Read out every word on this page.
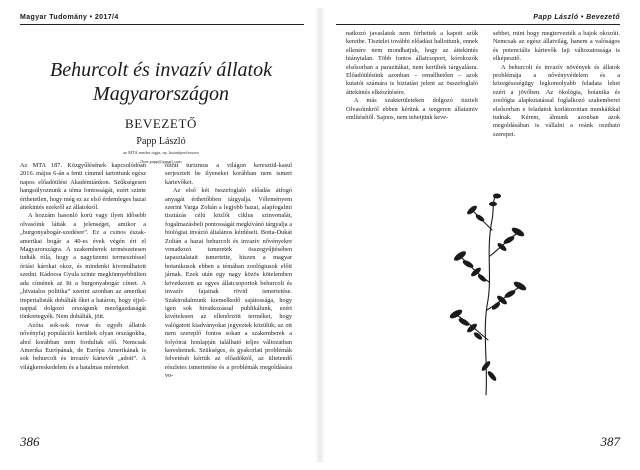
Magyar Tudomány • 2017/4
Behurcolt és invazív állatok
Magyarországon
BEVEZETŐ
Papp László
az MTA rendes tagja, ny. kutatóprofesszor
flyer.papp@gmail.com

Az MTA 187. Közgyűlésének kapcsolódóan 2016. május 6-án a fenti címmel tartottunk egész napos előadóülést Akadémiánkon. Szűkségesen hangsúlyoznunk a téma fontosságát, ezért szinte érthetetlen, hogy még ez az első érdemleges hazai áttekintés ezekről az állatokról.

A hozzám hasonló korú vagy ilyen idősebb olvasóink látták a jelenséget, amikor a „burgonyabogár-szedésre”. Ez a csinos észak-amerikai bogár a 40-es évek végén ért el Magyarországra. A szakemberek természetesen tudták róla, hogy a nagyüzemi termesztéssel óriási károkat okoz, és mindenki kivonulhatott szedni. Kádocsa Gyula szinte megkönnyebbülten ada címének az Itt a burgonyabogár címet. A „hivatalos politika” szerint azonban az amerikai imperialisták dobálták őket a határon, hogy éjjel-nappal dolgozó országunk mezőgazdaságát tönkretegyék. Nem dobálták, jött.

Azóta sok-sok rovar és egyéb állatok nővényfaj populációi kerültek olyan országokba, ahol korábban nem fordultak elő. Nemcsak Amerika Európának, de Európa Amerikának is sok behurcolt és invazív kártevőt „adott”. A világkereskedelem és a hatalmas méreteket

öltött turizmus a világon keresztül-kasul serjesztett be ilyeneket korábban nem ismert kártevőket.

Az első két összefoglaló előadás átfogó anyagát érthetőbben tárgyalja. Véleményem szerint Varga Zoltán a legjobb hazai, alapfogalmi tisztázás célú közlőt ciklus szinvonalát, fogalmazásbeli pontosságát megkívánó tárgyalja a biológiai invázió általános kérdéseit. Botta-Dukát Zoltán a hazai behurcolt és invazív nővényekre vonatkozó ismeretek összegyűjtésében tapasztalatait ismertette, hiszen a magyar botanikusok ebben a témában zoológiusok előtt járnak. Ezek után egy nagy közös kötelemben következett az egyes állatcsoportok behurcolt és invazív fajainak rövid ismertetése. Szakirodalmunk kiemelkedő sajátossága, hogy igen sok hivatkozással publikálunk, ezért kivételesen az ellenőrzött terméket, hogy valógatott kiadványokat jegyeztek közülük; az ott nem szereplő fontos sokan a szakemberek a folyóirat honlapján található teljes változatban kereshetnek. Szükséges, és gyakorlati problémák felvetését kértük az előadóktól, az ültetendő részletes ismertetése és a problémák megoldására vo-

386
Papp László • Bevezető

natkozó javaslatok nem férhettek a kapott szűk keretbe. Tisztelet további előadást hallottunk, ennek ellenére nem mondhatjuk, hogy az áttekintés hiánytalan. Több fontos állatcsoport, kórokozók elsősorban a parazitákat, nem kerültek tárgyalásra. Előadóülésünk azonban – remélhetően – azok kutatói számára is biztatást jelent az összefoglaló áttekintés elkészítésére.

A más szakterületeken dolgozó tisztelt Olvasóinkról ebben kérünk a tengeren állatainiv említésétől. Sajnos, nem tehetjünk keve-

sebbet, mint hogy megtervezték a bajok okozóit. Nemcsak az egész állatvilág, hanem a valóságos és potenciális kártevők faji változatossága is elképesztő.

A behurcolt és invazív növények és állatok problémája a nővényvédelem és a közegészségügy legkomolyabb feladata lehet ezért a jövőben. Az ökológia, botanika és zoológia alapkutatással foglalkozó szakemberei elsősorban e feladatok korlátozottan munkáikkal tudnak. Kérem, álmunk azonban azok megoldásában is vállalni a reánk osztható szerepet.

387
